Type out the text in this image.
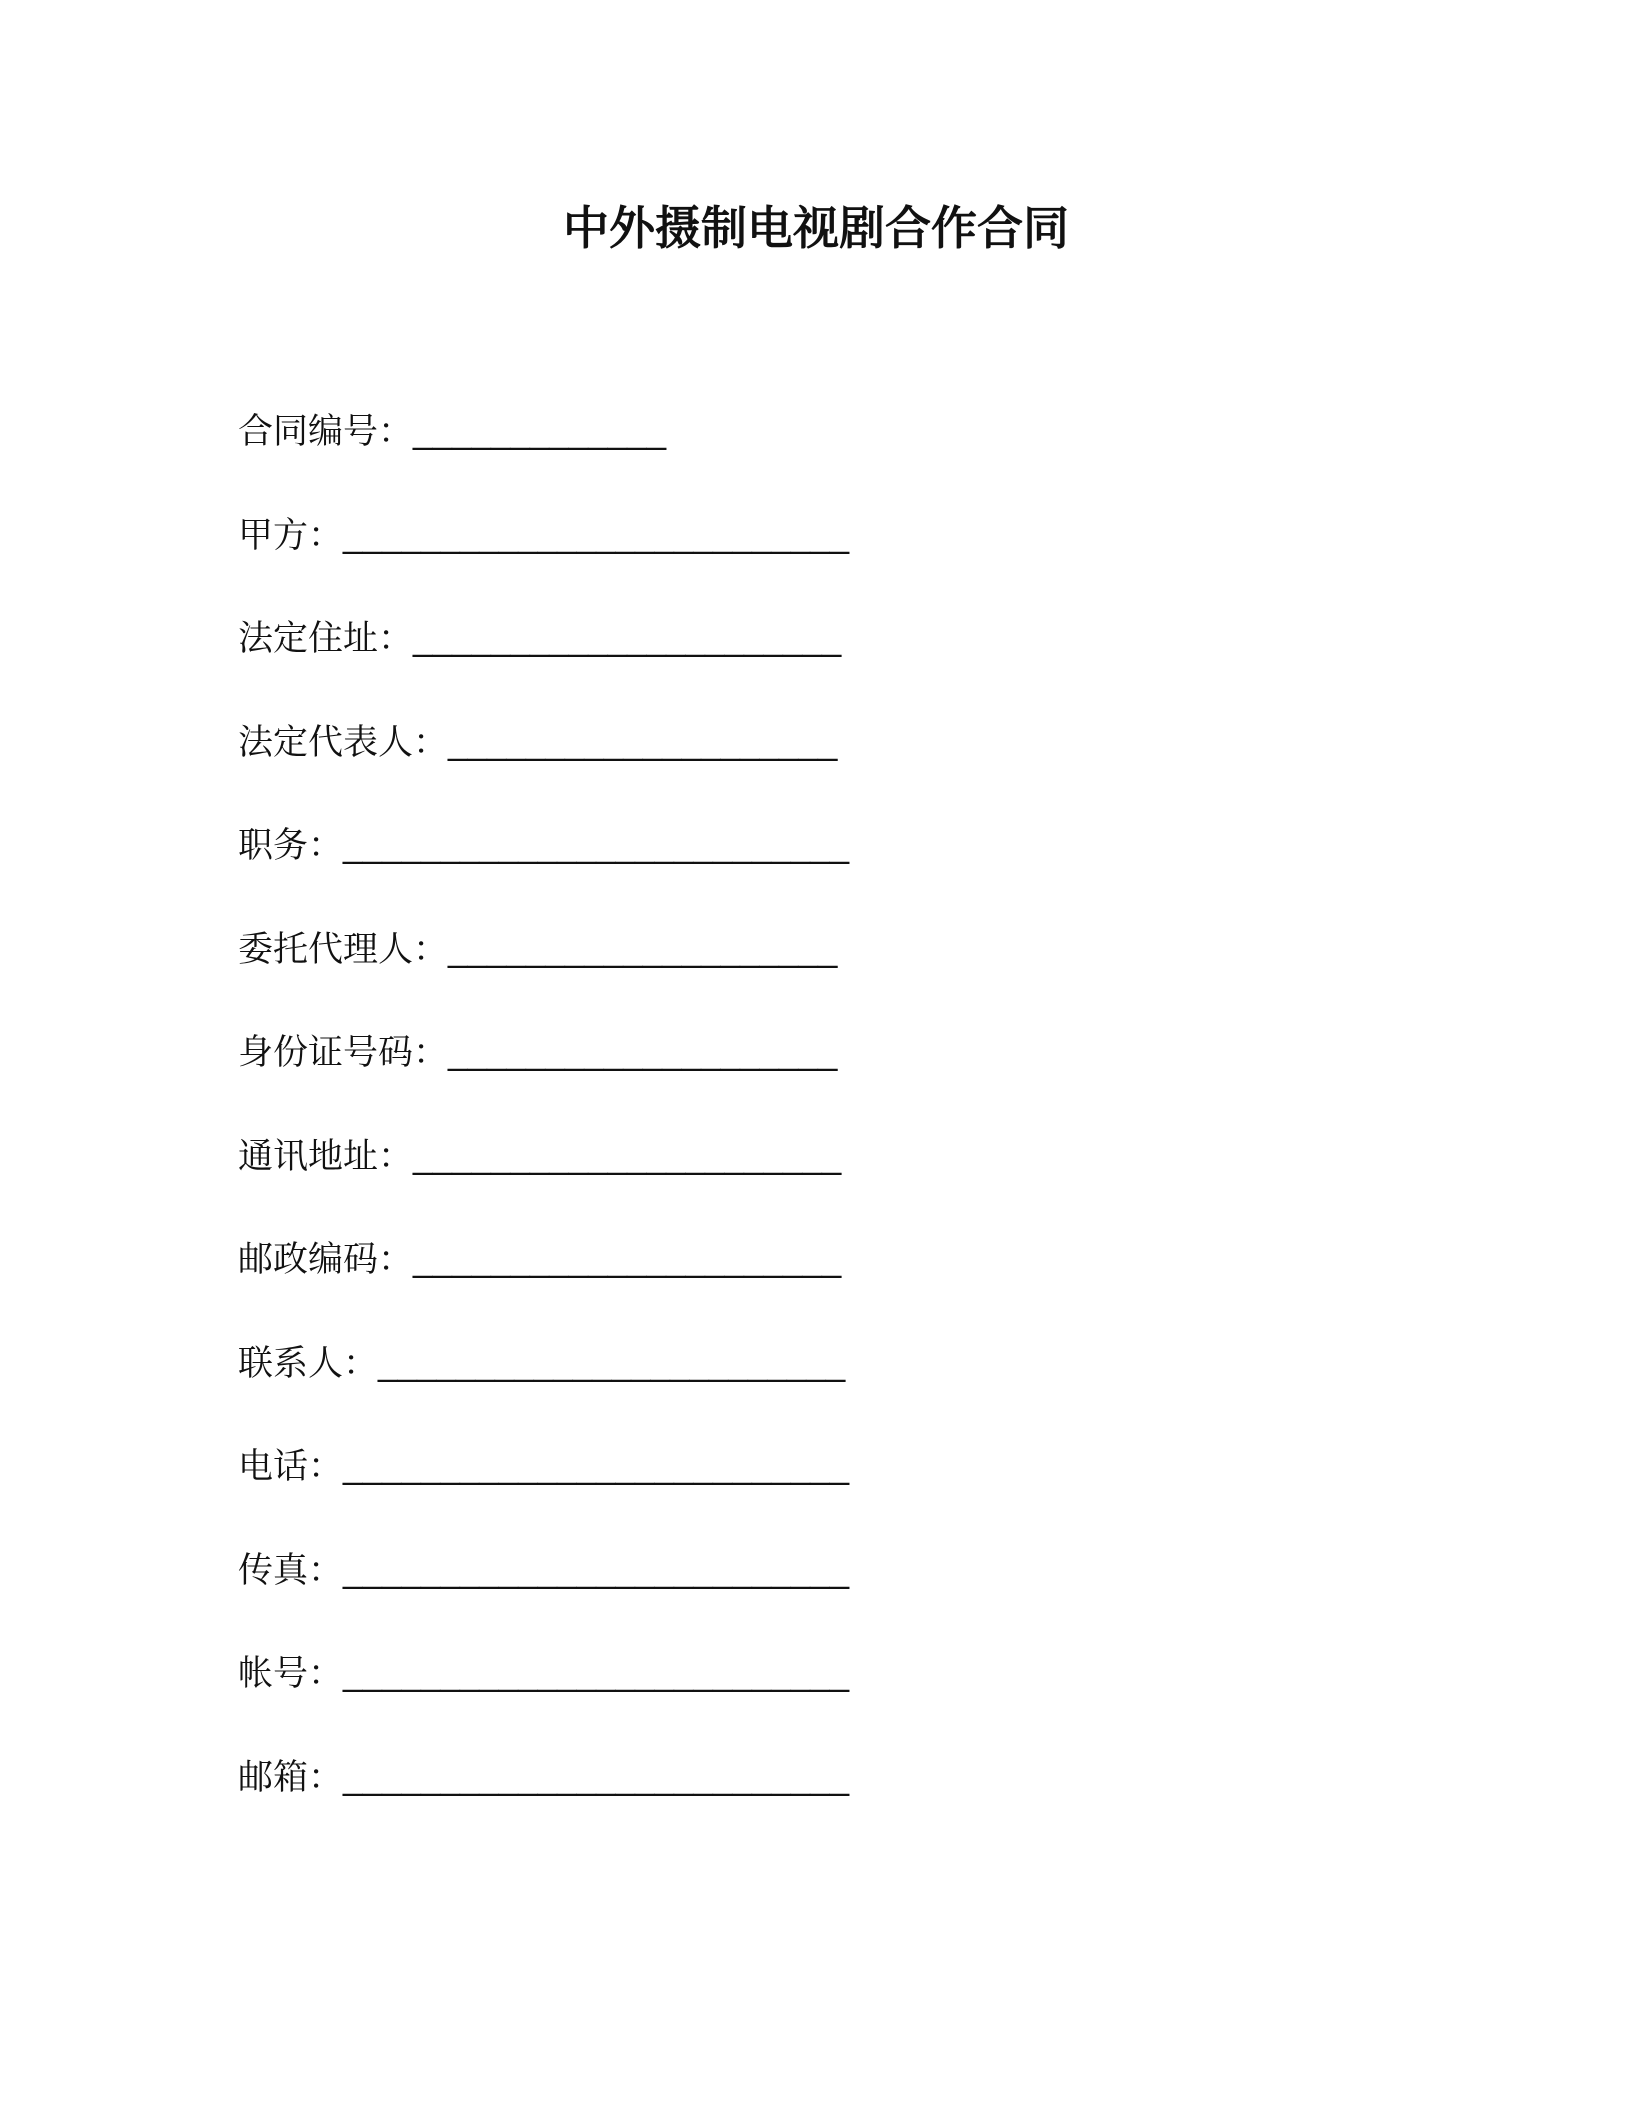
中外摄制电视剧合作合同
合同编号： _____________
甲方： __________________________
法定住址： ______________________
法定代表人： ____________________
职务： __________________________
委托代理人： ____________________
身份证号码： ____________________
通讯地址： ______________________
邮政编码： ______________________
联系人： ________________________
电话： __________________________
传真： __________________________
帐号： __________________________
邮箱： __________________________
